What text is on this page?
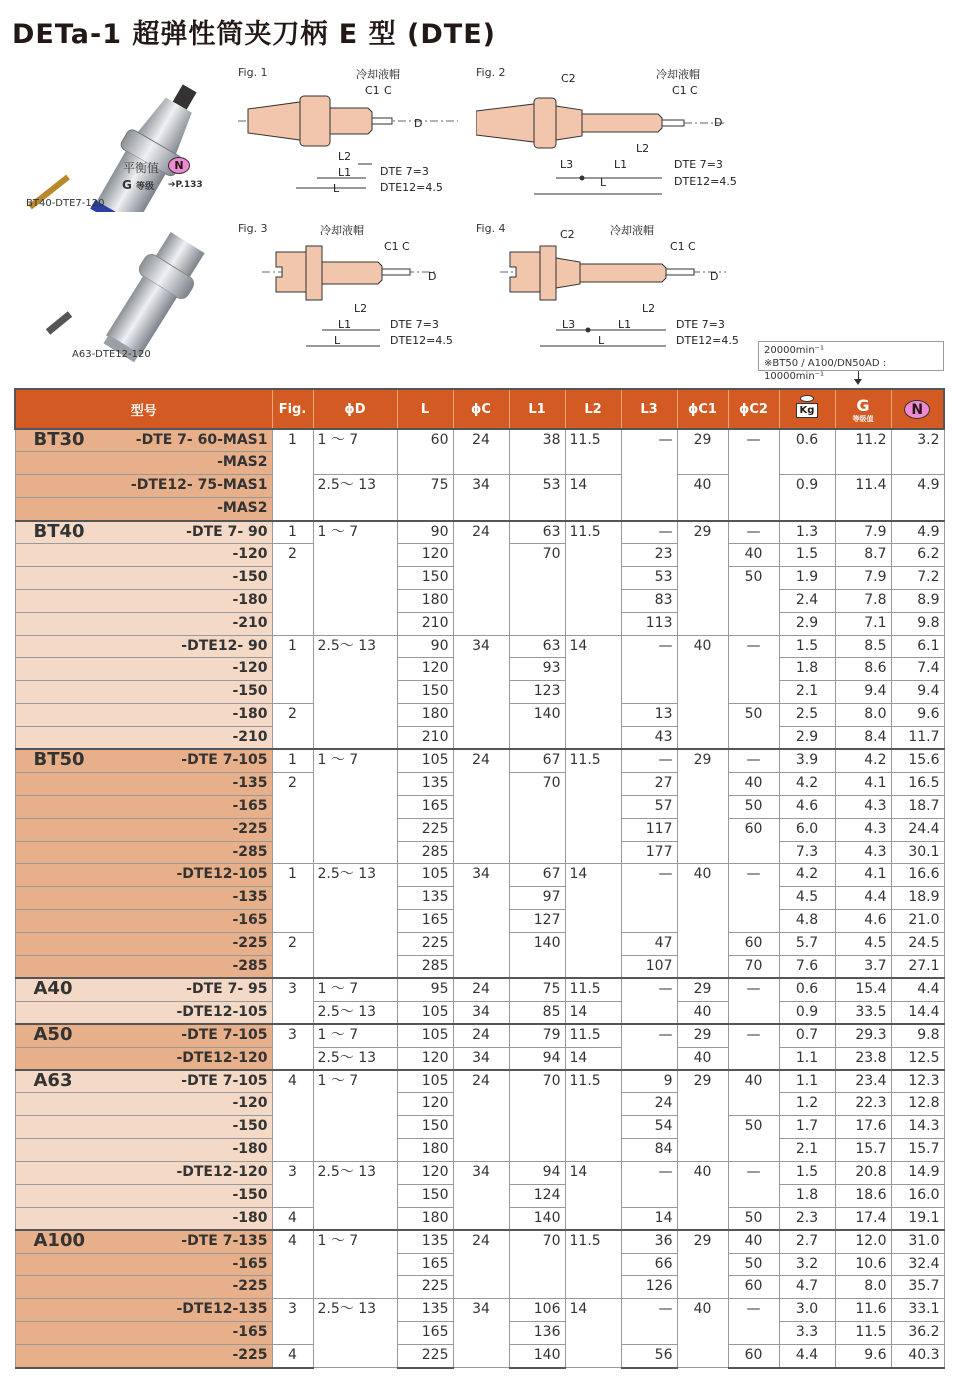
DETa-1 超弹性筒夹刀柄 E 型 (DTE)
BT40-DTE7-120
平衡值	N
G 等级 ➔P.133
A63-DTE12-120
Fig. 1	冷却液帽
C1 C
D
L2
L1
L
DTE 7=3
DTE12=4.5
Fig. 2	冷却液帽
C2
C1 C
D
L3
L2
L1
L
DTE 7=3
DTE12=4.5
Fig. 3	冷却液帽
C1 C
D
L2
L1
L
DTE 7=3
DTE12=4.5
Fig. 4	冷却液帽
C2
C1 C
D
L3
L2
L1
L
DTE 7=3
DTE12=4.5
20000min⁻¹
※BT50 / A100/DN50AD : 10000min⁻¹
型号	Fig.	ϕD	L	ϕC	L1	L2	L3	ϕC1	ϕC2	Kg	G
等级值	N

BT30 -DTE 7- 60-MAS1	1	1 ～ 7	60	24	38	11.5	—	29	—	0.6	11.2	3.2
-MAS2												
-DTE12- 75-MAS1		2.5～ 13	75	34	53	14		40		0.9	11.4	4.9
-MAS2												

BT40 -DTE 7- 90	1	1 ～ 7	90	24	63	11.5	—	29	—	1.3	7.9	4.9
-120	2		120		70		23		40	1.5	8.7	6.2
-150			150				53		50	1.9	7.9	7.2
-180			180				83			2.4	7.8	8.9
-210			210				113			2.9	7.1	9.8
-DTE12- 90	1	2.5～ 13	90	34	63	14	—	40	—	1.5	8.5	6.1
-120			120		93					1.8	8.6	7.4
-150			150		123					2.1	9.4	9.4
-180	2		180		140		13		50	2.5	8.0	9.6
-210			210				43			2.9	8.4	11.7

BT50 -DTE 7-105	1	1 ～ 7	105	24	67	11.5	—	29	—	3.9	4.2	15.6
-135	2		135		70		27		40	4.2	4.1	16.5
-165			165				57		50	4.6	4.3	18.7
-225			225				117		60	6.0	4.3	24.4
-285			285				177			7.3	4.3	30.1
-DTE12-105	1	2.5～ 13	105	34	67	14	—	40	—	4.2	4.1	16.6
-135			135		97					4.5	4.4	18.9
-165			165		127					4.8	4.6	21.0
-225	2		225		140		47		60	5.7	4.5	24.5
-285			285				107		70	7.6	3.7	27.1

A40 -DTE 7- 95	3	1 ～ 7	95	24	75	11.5	—	29	—	0.6	15.4	4.4
-DTE12-105		2.5～ 13	105	34	85	14		40		0.9	33.5	14.4

A50 -DTE 7-105	3	1 ～ 7	105	24	79	11.5	—	29	—	0.7	29.3	9.8
-DTE12-120		2.5～ 13	120	34	94	14		40		1.1	23.8	12.5

A63 -DTE 7-105	4	1 ～ 7	105	24	70	11.5	9	29	40	1.1	23.4	12.3
-120			120				24			1.2	22.3	12.8
-150			150				54		50	1.7	17.6	14.3
-180			180				84			2.1	15.7	15.7
-DTE12-120	3	2.5～ 13	120	34	94	14	—	40	—	1.5	20.8	14.9
-150			150		124					1.8	18.6	16.0
-180	4		180		140		14		50	2.3	17.4	19.1

A100 -DTE 7-135	4	1 ～ 7	135	24	70	11.5	36	29	40	2.7	12.0	31.0
-165			165				66		50	3.2	10.6	32.4
-225			225				126		60	4.7	8.0	35.7
-DTE12-135	3	2.5～ 13	135	34	106	14	—	40	—	3.0	11.6	33.1
-165			165		136					3.3	11.5	36.2
-225	4		225		140		56		60	4.4	9.6	40.3
